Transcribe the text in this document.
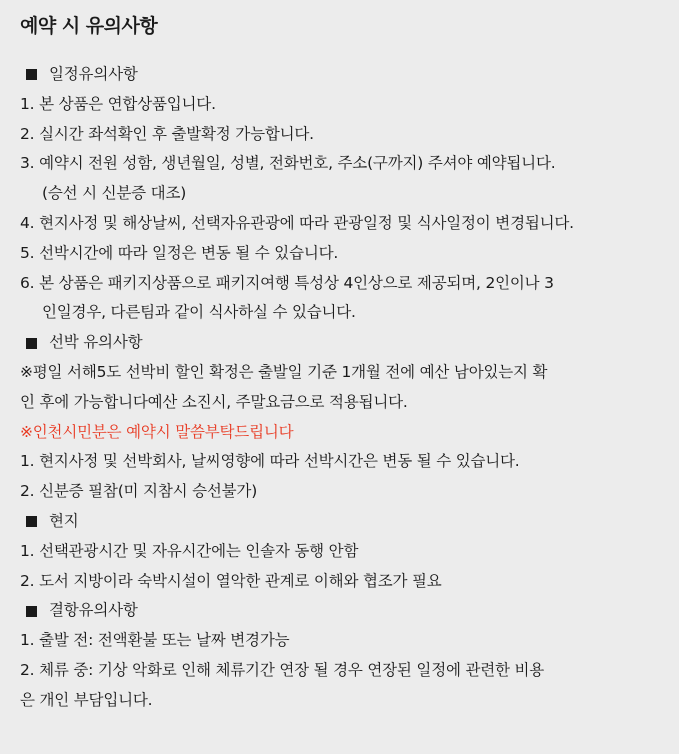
예약 시 유의사항
일정유의사항
1. 본 상품은 연합상품입니다.
2. 실시간 좌석확인 후 출발확정 가능합니다.
3. 예약시 전원 성함, 생년월일, 성별, 전화번호, 주소(구까지) 주셔야 예약됩니다.
(승선 시 신분증 대조)
4. 현지사정 및 해상날씨, 선택자유관광에 따라 관광일정 및 식사일정이 변경됩니다.
5. 선박시간에 따라 일정은 변동 될 수 있습니다.
6. 본 상품은 패키지상품으로 패키지여행 특성상 4인상으로 제공되며, 2인이나 3
인일경우, 다른팀과 같이 식사하실 수 있습니다.
선박 유의사항
※평일 서해5도 선박비 할인 확정은 출발일 기준 1개월 전에 예산 남아있는지 확
인 후에 가능합니다예산 소진시, 주말요금으로 적용됩니다.
※인천시민분은 예약시 말씀부탁드립니다
1. 현지사정 및 선박회사, 날씨영향에 따라 선박시간은 변동 될 수 있습니다.
2. 신분증 필참(미 지참시 승선불가)
현지
1. 선택관광시간 및 자유시간에는 인솔자 동행 안함
2. 도서 지방이라 숙박시설이 열악한 관계로 이해와 협조가 필요
결항유의사항
1. 출발 전: 전액환불 또는 날짜 변경가능
2. 체류 중: 기상 악화로 인해 체류기간 연장 될 경우 연장된 일정에 관련한 비용
은 개인 부담입니다.
